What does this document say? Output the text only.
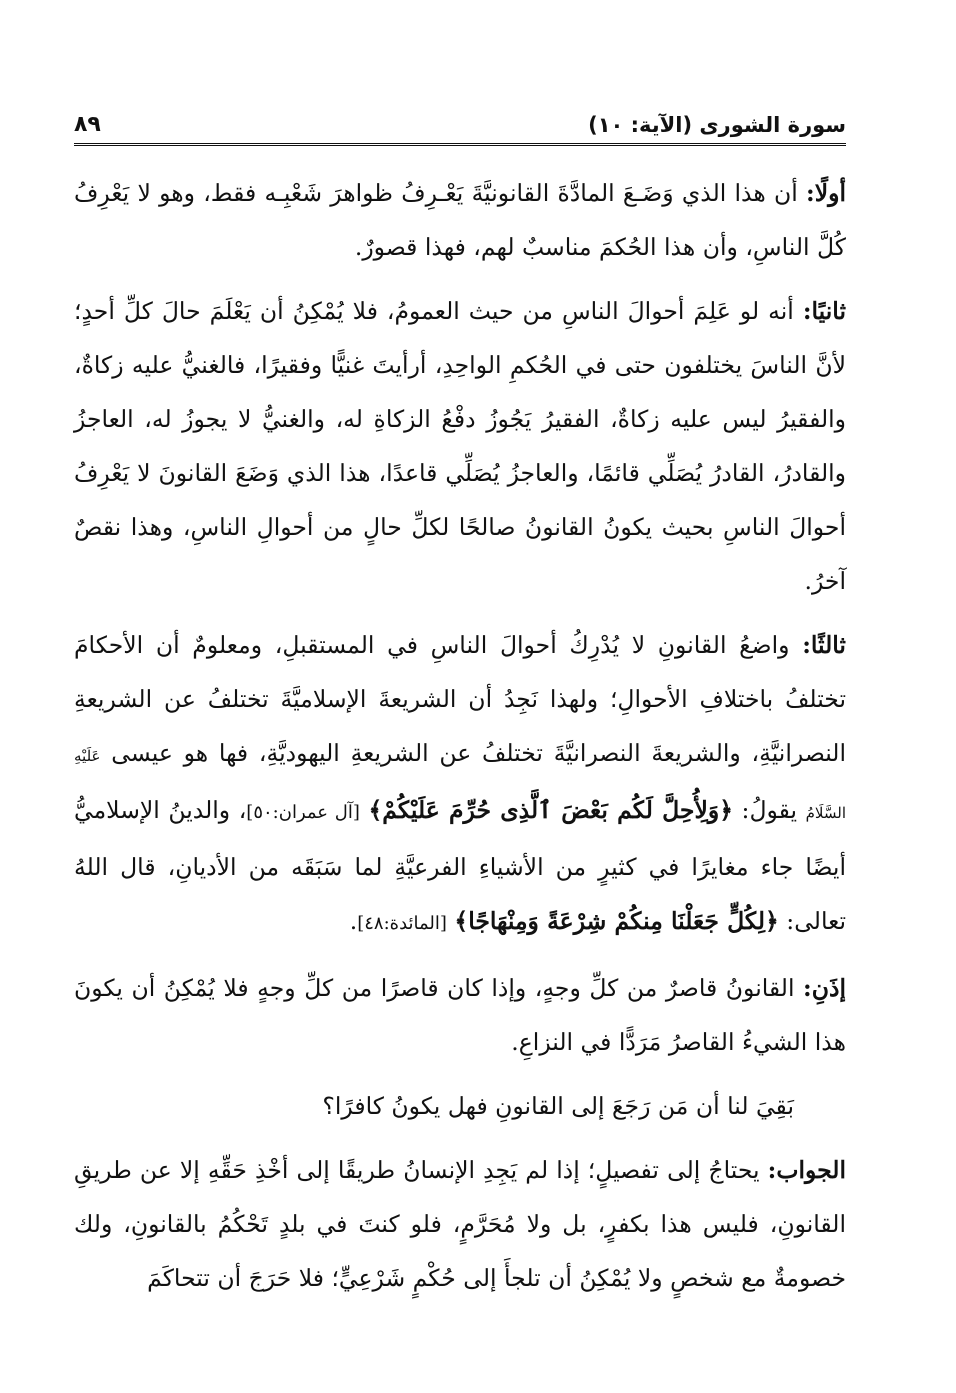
سورة الشورى (الآية: ١٠)
٨٩

أولًا: أن هذا الذي وَضَـعَ المادَّةَ القانونيَّةَ يَعْـرِفُ ظواهرَ شَعْبِـه فقط، وهو لا يَعْرِفُ كُلَّ الناسِ، وأن هذا الحُكمَ مناسبٌ لهم، فهذا قصورٌ.

ثانيًا: أنه لو عَلِمَ أحوالَ الناسِ من حيث العمومُ، فلا يُمْكِنُ أن يَعْلَمَ حالَ كلِّ أحدٍ؛ لأنَّ الناسَ يختلفون حتى في الحُكمِ الواحِدِ، أرأيتَ غنيًّا وفقيرًا، فالغنيُّ عليه زكاةٌ، والفقيرُ ليس عليه زكاةٌ، الفقيرُ يَجُوزُ دفْعُ الزكاةِ له، والغنيُّ لا يجوزُ له، العاجزُ والقادرُ، القادرُ يُصَلِّي قائمًا، والعاجزُ يُصَلِّي قاعدًا، هذا الذي وَضَعَ القانونَ لا يَعْرِفُ أحوالَ الناسِ بحيث يكونُ القانونُ صالحًا لكلِّ حالٍ من أحوالِ الناسِ، وهذا نقصٌ آخرُ.

ثالثًا: واضعُ القانونِ لا يُدْرِكُ أحوالَ الناسِ في المستقبلِ، ومعلومٌ أن الأحكامَ تختلفُ باختلافِ الأحوالِ؛ ولهذا نَجِدُ أن الشريعةَ الإسلاميَّةَ تختلفُ عن الشريعةِ النصرانيَّةِ، والشريعةَ النصرانيَّةَ تختلفُ عن الشريعةِ اليهوديَّةِ، فها هو عيسى عَلَيْهِ السَّلَامُ يقولُ: ﴿وَلِأُحِلَّ لَكُم بَعْضَ ٱلَّذِى حُرِّمَ عَلَيْكُمْ﴾ [آل عمران:٥٠]، والدينُ الإسلاميُّ أيضًا جاء مغايرًا في كثيرٍ من الأشياءِ الفرعيَّةِ لما سَبَقَه من الأديانِ، قال اللهُ تعالى: ﴿لِكُلٍّ جَعَلْنَا مِنكُمْ شِرْعَةً وَمِنْهَاجًا﴾ [المائدة:٤٨].

إذَنِ: القانونُ قاصرٌ من كلِّ وجهٍ، وإذا كان قاصرًا من كلِّ وجهٍ فلا يُمْكِنُ أن يكونَ هذا الشيءُ القاصرُ مَرَدًّا في النزاعِ.

بَقِيَ لنا أن مَن رَجَعَ إلى القانونِ فهل يكونُ كافرًا؟

الجواب: يحتاجُ إلى تفصيلٍ؛ إذا لم يَجِدِ الإنسانُ طريقًا إلى أخْذِ حَقِّهِ إلا عن طريقِ القانونِ، فليس هذا بكفرٍ، بل ولا مُحَرَّمٍ، فلو كنتَ في بلدٍ تَحْكُمُ بالقانونِ، ولك خصومةٌ مع شخصٍ ولا يُمْكِنُ أن تلجأَ إلى حُكْمٍ شَرْعِيٍّ؛ فلا حَرَجَ أن تتحاكَمَ
